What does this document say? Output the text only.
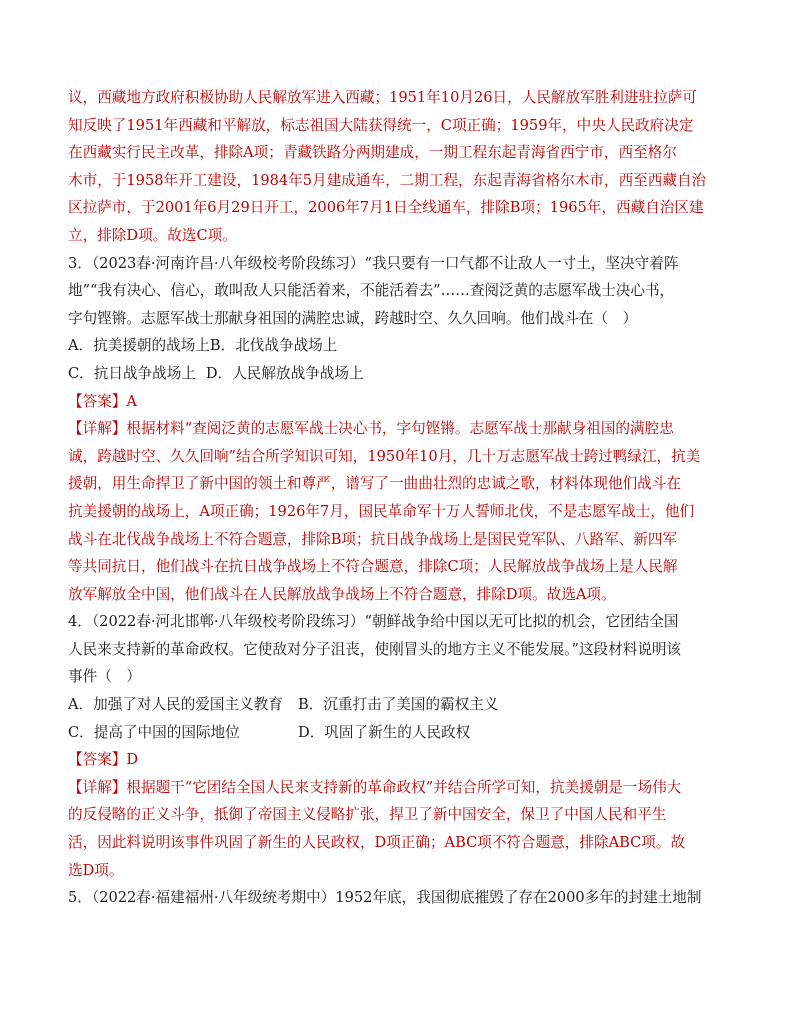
议，西藏地方政府积极协助人民解放军进入西藏；1951年10月26日，人民解放军胜利进驻拉萨可
知反映了1951年西藏和平解放，标志祖国大陆获得统一，C项正确；1959年，中央人民政府决定
在西藏实行民主改革，排除A项；青藏铁路分两期建成，一期工程东起青海省西宁市，西至格尔
木市，于1958年开工建设，1984年5月建成通车，二期工程，东起青海省格尔木市，西至西藏自治
区拉萨市，于2001年6月29日开工，2006年7月1日全线通车，排除B项；1965年，西藏自治区建
立，排除D项。故选C项。
3．（2023春·河南许昌·八年级校考阶段练习）“我只要有一口气都不让敌人一寸土，坚决守着阵
地”“我有决心、信心，敢叫敌人只能活着来，不能活着去”……查阅泛黄的志愿军战士决心书，
字句铿锵。志愿军战士那献身祖国的满腔忠诚，跨越时空、久久回响。他们战斗在（　）
A．抗美援朝的战场上B．北伐战争战场上
C．抗日战争战场上 D．人民解放战争战场上
【答案】A
【详解】根据材料“查阅泛黄的志愿军战士决心书，字句铿锵。志愿军战士那献身祖国的满腔忠
诚，跨越时空、久久回响”结合所学知识可知，1950年10月，几十万志愿军战士跨过鸭绿江，抗美
援朝，用生命捍卫了新中国的领土和尊严，谱写了一曲曲壮烈的忠诚之歌，材料体现他们战斗在
抗美援朝的战场上，A项正确；1926年7月，国民革命军十万人誓师北伐，不是志愿军战士，他们
战斗在北伐战争战场上不符合题意，排除B项；抗日战争战场上是国民党军队、八路军、新四军
等共同抗日，他们战斗在抗日战争战场上不符合题意，排除C项；人民解放战争战场上是人民解
放军解放全中国，他们战斗在人民解放战争战场上不符合题意，排除D项。故选A项。
4．（2022春·河北邯郸·八年级校考阶段练习）“朝鲜战争给中国以无可比拟的机会，它团结全国
人民来支持新的革命政权。它使敌对分子沮丧，使刚冒头的地方主义不能发展。”这段材料说明该
事件（　）
A．加强了对人民的爱国主义教育 B．沉重打击了美国的霸权主义
C．提高了中国的国际地位	D．巩固了新生的人民政权
【答案】D
【详解】根据题干“它团结全国人民来支持新的革命政权”并结合所学可知，抗美援朝是一场伟大
的反侵略的正义斗争，抵御了帝国主义侵略扩张，捍卫了新中国安全，保卫了中国人民和平生
活，因此料说明该事件巩固了新生的人民政权，D项正确；ABC项不符合题意，排除ABC项。故
选D项。
5．（2022春·福建福州·八年级统考期中）1952年底，我国彻底摧毁了存在2000多年的封建土地制
